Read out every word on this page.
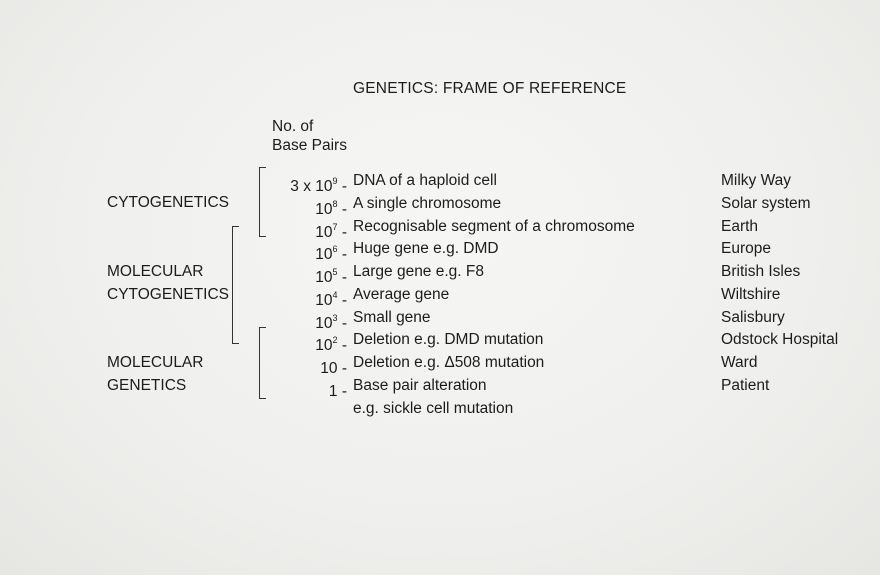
GENETICS: FRAME OF REFERENCE
No. of
Base Pairs
CYTOGENETICS
MOLECULAR
CYTOGENETICS
MOLECULAR
GENETICS
3 x $10^9$ - DNA of a haploid cell	Milky Way
$10^8$ - A single chromosome	Solar system
$10^7$ - Recognisable segment of a chromosome	Earth
$10^6$ - Huge gene e.g. DMD	Europe
$10^5$ - Large gene e.g. F8	British Isles
$10^4$ - Average gene	Wiltshire
$10^3$ - Small gene	Salisbury
$10^2$ - Deletion e.g. DMD mutation	Odstock Hospital
10 - Deletion e.g. Δ508 mutation	Ward
1 - Base pair alteration	Patient
e.g. sickle cell mutation
